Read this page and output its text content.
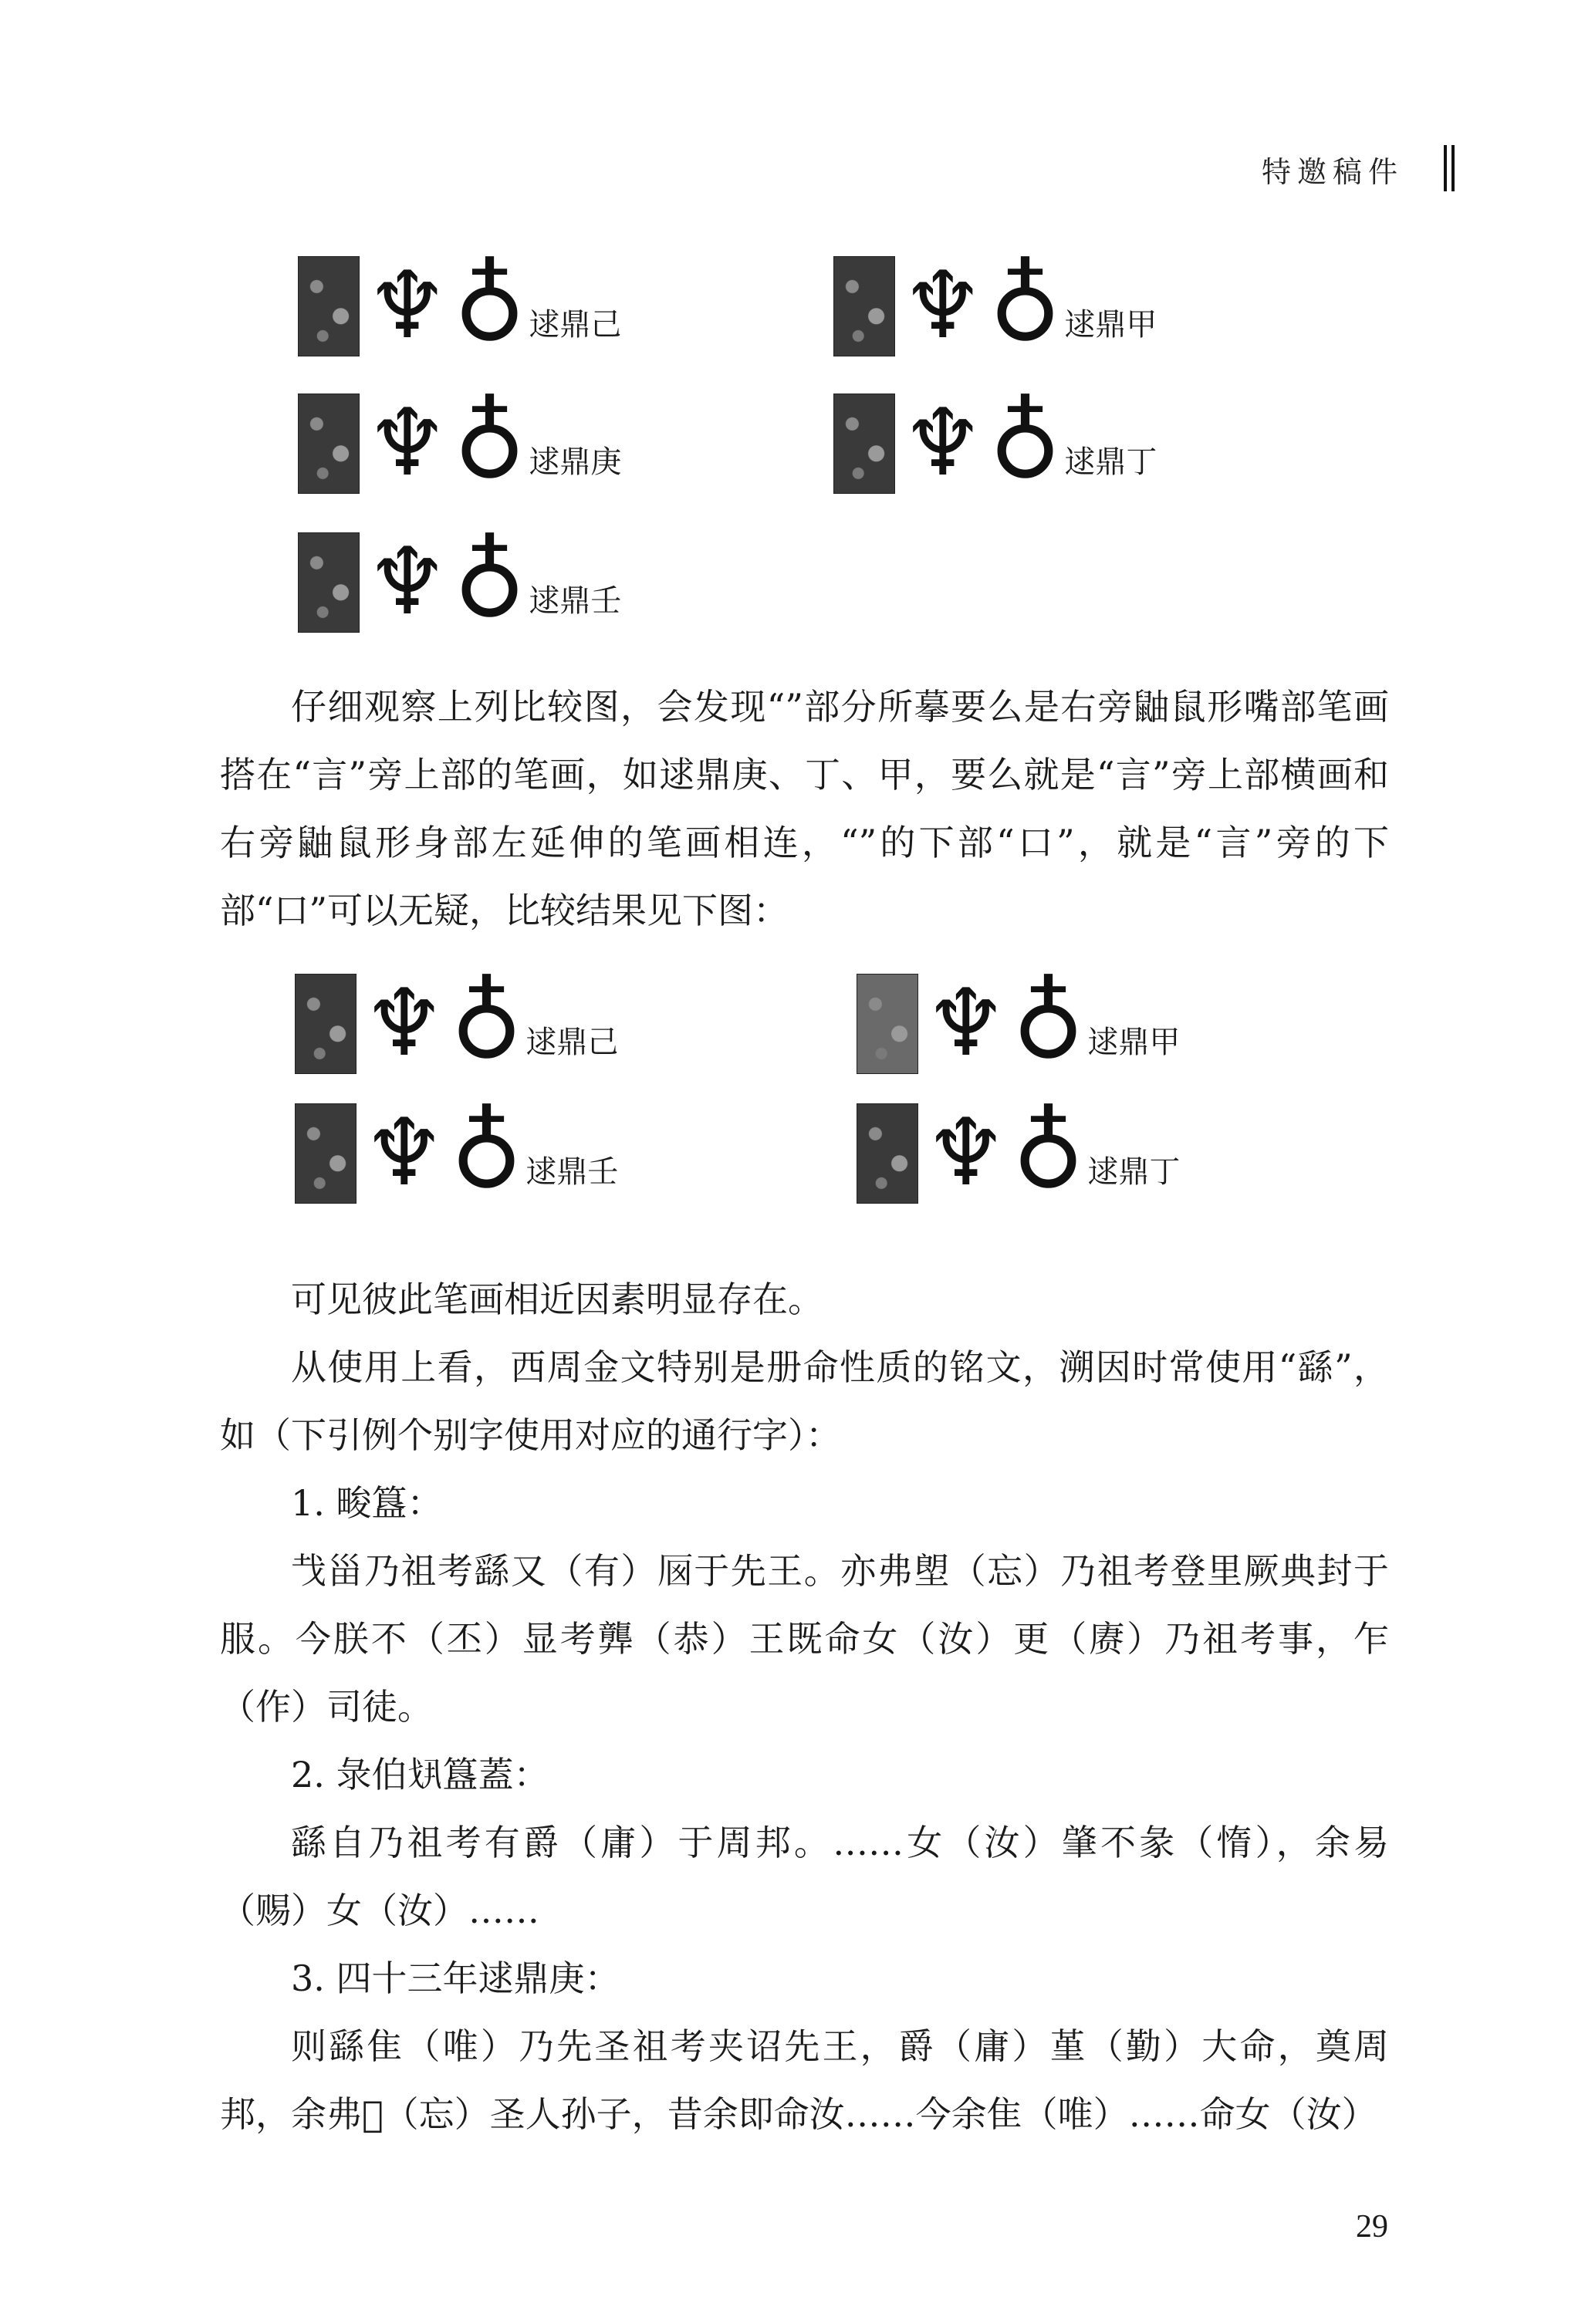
特邀稿件
♆ ♁ 逑鼎己	♆ ♁ 逑鼎甲
♆ ♁ 逑鼎庚	♆ ♁ 逑鼎丁
♆ ♁ 逑鼎壬

仔细观察上列比较图，会发现“”部分所摹要么是右旁鼬鼠形嘴部笔画搭在“言”旁上部的笔画，如逑鼎庚、丁、甲，要么就是“言”旁上部横画和右旁鼬鼠形身部左延伸的笔画相连，“”的下部“口”，就是“言”旁的下部“口”可以无疑，比较结果见下图：

♆ ♁ 逑鼎己	♆ ♁ 逑鼎甲
♆ ♁ 逑鼎壬	♆ ♁ 逑鼎丁

可见彼此笔画相近因素明显存在。

从使用上看，西周金文特别是册命性质的铭文，溯因时常使用“繇”，如（下引例个别字使用对应的通行字）：

1. 畯簋：

𢦏甾乃祖考繇又（有）𠩌于先王。亦弗塱（忘）乃祖考登里厥典封于服。今朕不（丕）显考龏（恭）王既命女（汝）更（赓）乃祖考事，乍（作）司徒。

2. 彔伯𢦚簋蓋：

繇自乃祖考有爵（庸）于周邦。……女（汝）肇不彖（惰），余易（赐）女（汝）……

3. 四十三年逑鼎庚：

则繇隹（唯）乃先圣祖考夹诏先王，爵（庸）堇（勤）大命，奠周邦，余弗𧫷（忘）圣人孙子，昔余即命汝……今余隹（唯）……命女（汝）

29
